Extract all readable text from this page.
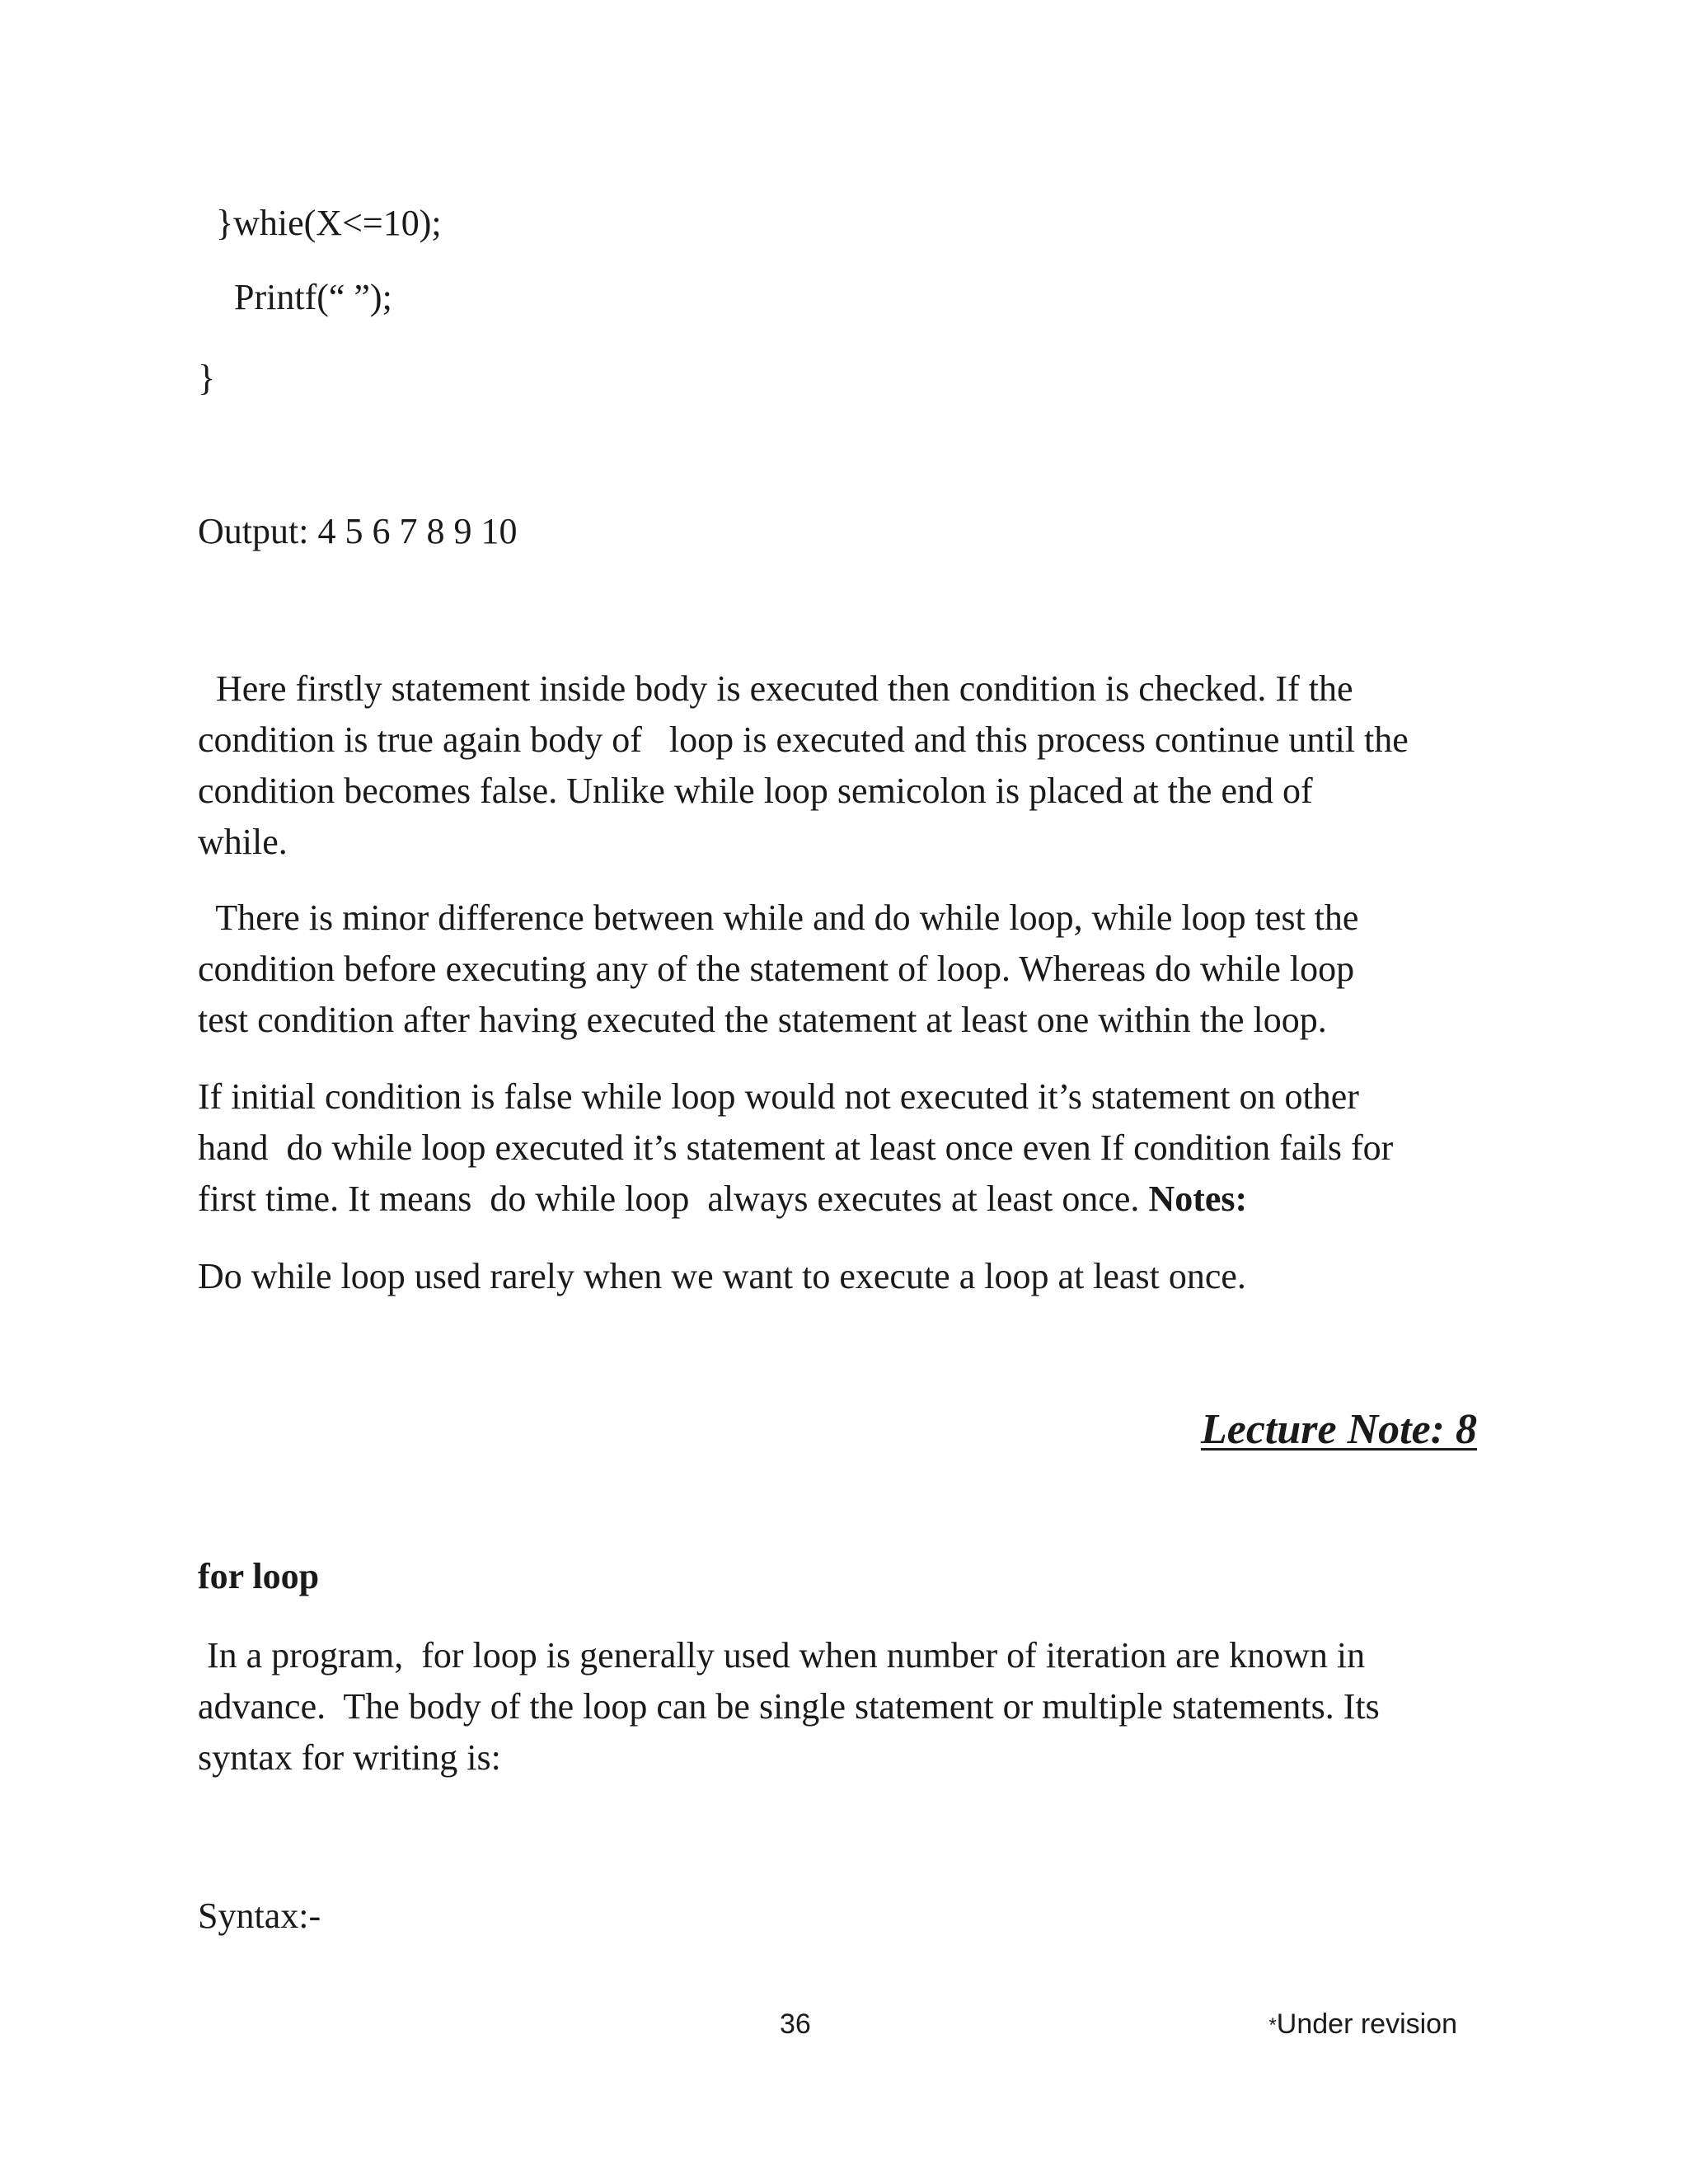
}whie(X<=10);
Printf(“ ”);
}
Output: 4 5 6 7 8 9 10
Here firstly statement inside body is executed then condition is checked. If the
condition is true again body of   loop is executed and this process continue until the
condition becomes false. Unlike while loop semicolon is placed at the end of
while.
There is minor difference between while and do while loop, while loop test the
condition before executing any of the statement of loop. Whereas do while loop
test condition after having executed the statement at least one within the loop.
If initial condition is false while loop would not executed it’s statement on other
hand  do while loop executed it’s statement at least once even If condition fails for
first time. It means  do while loop  always executes at least once. Notes:
Do while loop used rarely when we want to execute a loop at least once.
Lecture Note: 8
for loop
In a program,  for loop is generally used when number of iteration are known in
advance.  The body of the loop can be single statement or multiple statements. Its
syntax for writing is:
Syntax:-
36	*Under revision
